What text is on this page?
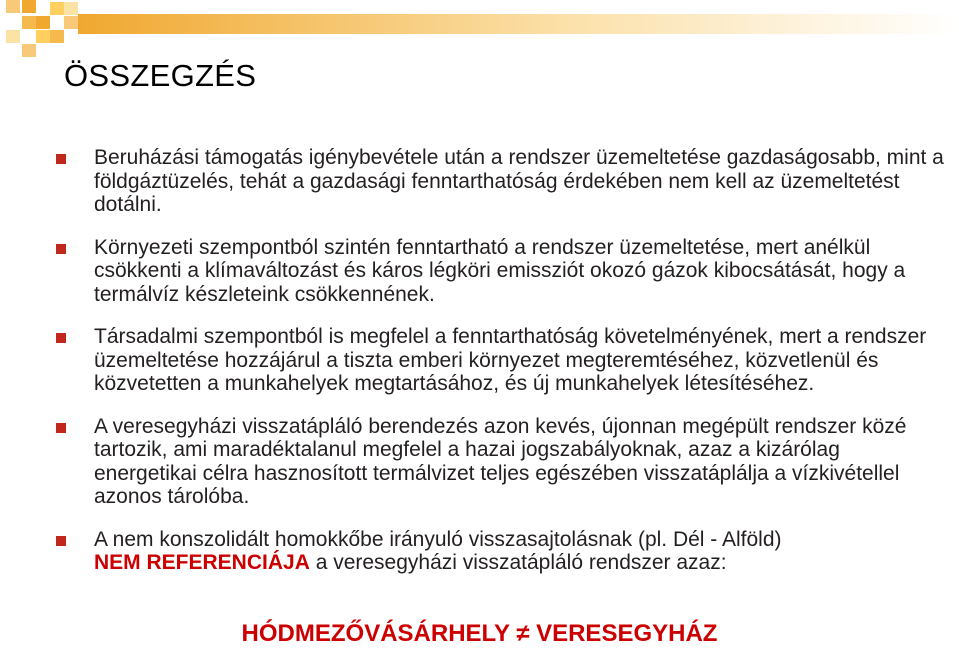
ÖSSZEGZÉS
Beruházási támogatás igénybevétele után a rendszer üzemeltetése gazdaságosabb, mint a földgáztüzelés, tehát a gazdasági fenntarthatóság érdekében nem kell az üzemeltetést dotálni.
Környezeti szempontból szintén fenntartható a rendszer üzemeltetése, mert anélkül csökkenti a klímaváltozást és káros légköri emissziót okozó gázok kibocsátását, hogy a termálvíz készleteink csökkennének.
Társadalmi szempontból is megfelel a fenntarthatóság követelményének, mert a rendszer üzemeltetése hozzájárul a tiszta emberi környezet megteremtéséhez, közvetlenül és közvetetten a munkahelyek megtartásához, és új munkahelyek létesítéséhez.
A veresegyházi visszatápláló berendezés azon kevés, újonnan megépült rendszer közé tartozik, ami maradéktalanul megfelel a hazai jogszabályoknak, azaz a kizárólag energetikai célra hasznosított termálvizet teljes egészében visszatáplálja a vízkivétellel azonos tárolóba.
A nem konszolidált homokkőbe irányuló visszasajtolásnak (pl. Dél - Alföld)
NEM REFERENCIÁJA a veresegyházi visszatápláló rendszer azaz:

HÓDMEZŐVÁSÁRHELY ≠ VERESEGYHÁZ
